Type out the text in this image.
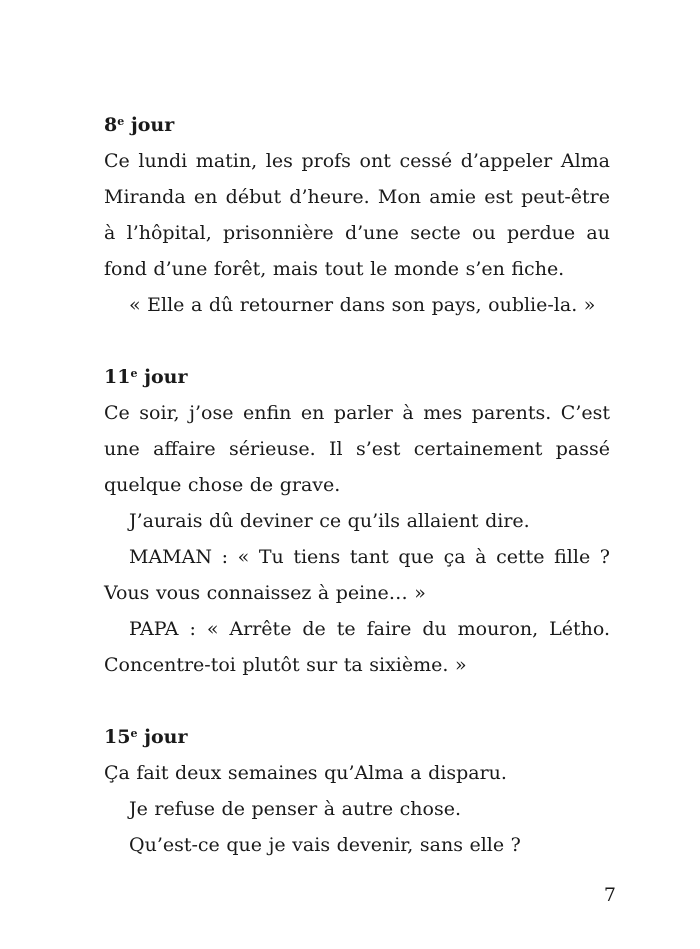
8e jour

Ce lundi matin, les profs ont cessé d’appeler Alma Miranda en début d’heure. Mon amie est peut-être à l’hôpital, prisonnière d’une secte ou perdue au fond d’une forêt, mais tout le monde s’en fiche.

« Elle a dû retourner dans son pays, oublie-la. »

11e jour

Ce soir, j’ose enfin en parler à mes parents. C’est une affaire sérieuse. Il s’est certainement passé quelque chose de grave.

J’aurais dû deviner ce qu’ils allaient dire.

MAMAN : « Tu tiens tant que ça à cette fille ? Vous vous connaissez à peine… »

PAPA : « Arrête de te faire du mouron, Létho. Concentre-toi plutôt sur ta sixième. »

15e jour

Ça fait deux semaines qu’Alma a disparu.

Je refuse de penser à autre chose.

Qu’est-ce que je vais devenir, sans elle ?

7
